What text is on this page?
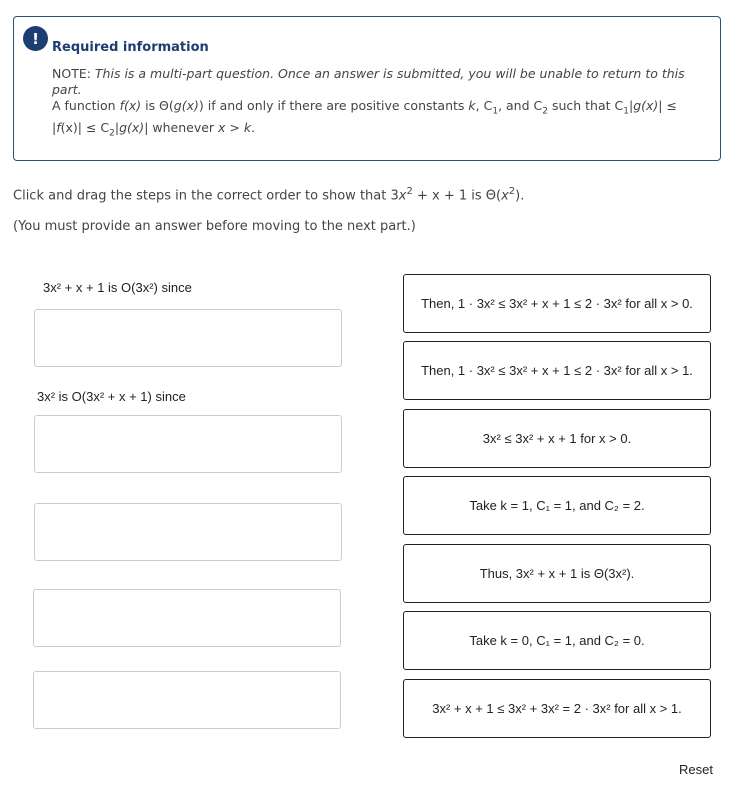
!	Required information

NOTE: This is a multi-part question. Once an answer is submitted, you will be unable to return to this part.

A function f(x) is Θ(g(x)) if and only if there are positive constants k, $C_1$, and $C_2$ such that $C_1|g(x)| \le |f(x)| \le C_2|g(x)|$ whenever x > k.

Click and drag the steps in the correct order to show that $3x^2 + x + 1$ is $\Theta(x^2)$.
(You must provide an answer before moving to the next part.)
3x² + x + 1 is O(3x²) since
3x² is O(3x² + x + 1) since
Then, 1 · 3x² ≤ 3x² + x + 1 ≤ 2 · 3x² for all x > 0.
Then, 1 · 3x² ≤ 3x² + x + 1 ≤ 2 · 3x² for all x > 1.
3x² ≤ 3x² + x + 1 for x > 0.
Take k = 1, C₁ = 1, and C₂ = 2.
Thus, 3x² + x + 1 is Θ(3x²).
Take k = 0, C₁ = 1, and C₂ = 0.
3x² + x + 1 ≤ 3x² + 3x² = 2 · 3x² for all x > 1.
Reset
